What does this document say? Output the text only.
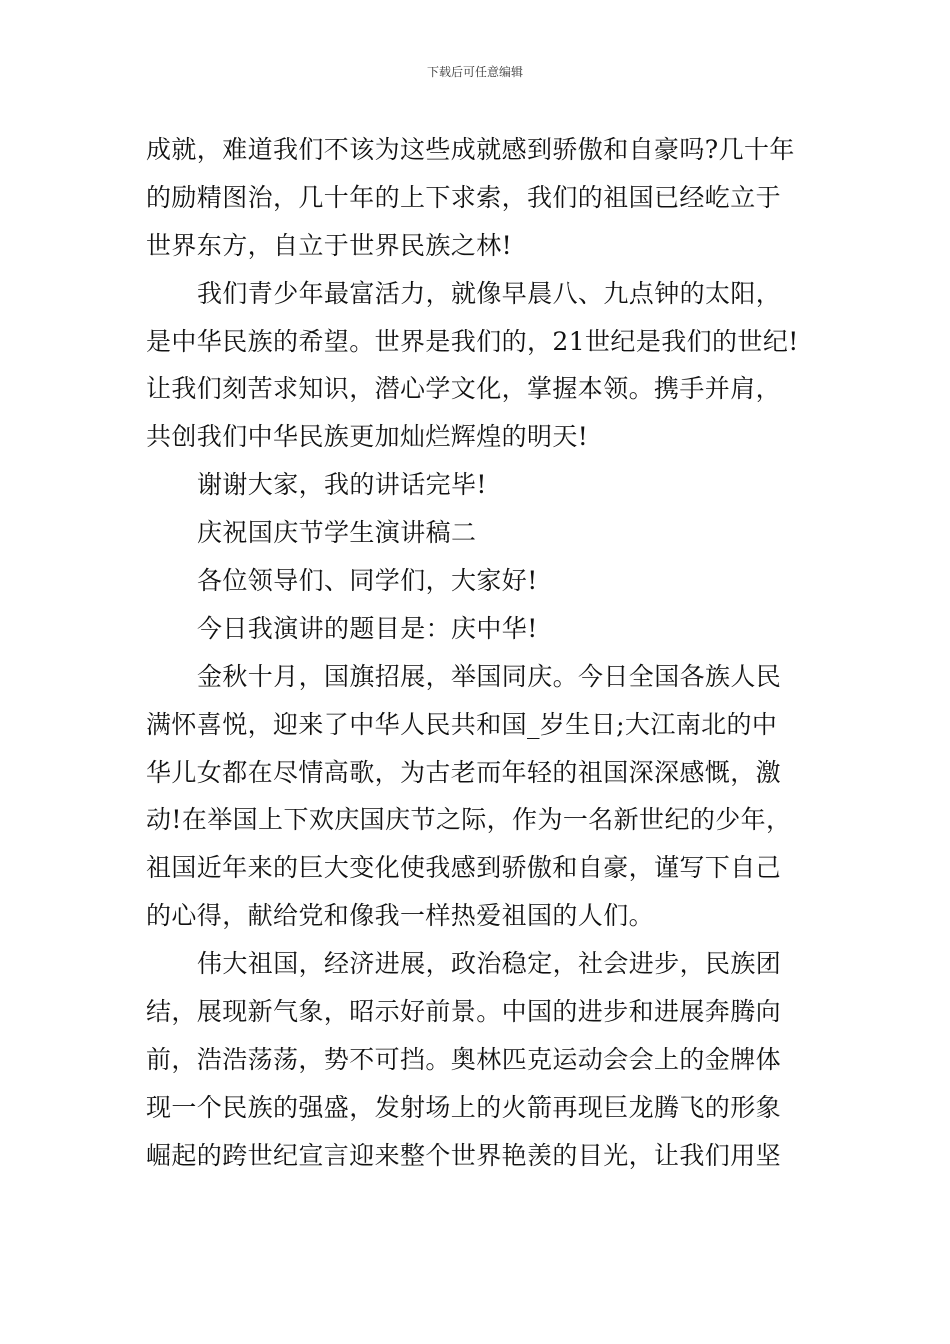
下载后可任意编辑
成就，难道我们不该为这些成就感到骄傲和自豪吗?几十年
的励精图治，几十年的上下求索，我们的祖国已经屹立于
世界东方，自立于世界民族之林!
我们青少年最富活力，就像早晨八、九点钟的太阳，
是中华民族的希望。世界是我们的，21世纪是我们的世纪!
让我们刻苦求知识，潜心学文化，掌握本领。携手并肩，
共创我们中华民族更加灿烂辉煌的明天!
谢谢大家，我的讲话完毕!
庆祝国庆节学生演讲稿二
各位领导们、同学们，大家好!
今日我演讲的题目是：庆中华!
金秋十月，国旗招展，举国同庆。今日全国各族人民
满怀喜悦，迎来了中华人民共和国_岁生日;大江南北的中
华儿女都在尽情高歌，为古老而年轻的祖国深深感慨，激
动!在举国上下欢庆国庆节之际，作为一名新世纪的少年，
祖国近年来的巨大变化使我感到骄傲和自豪，谨写下自己
的心得，献给党和像我一样热爱祖国的人们。
伟大祖国，经济进展，政治稳定，社会进步，民族团
结，展现新气象，昭示好前景。中国的进步和进展奔腾向
前，浩浩荡荡，势不可挡。奥林匹克运动会会上的金牌体
现一个民族的强盛，发射场上的火箭再现巨龙腾飞的形象
崛起的跨世纪宣言迎来整个世界艳羡的目光，让我们用坚
